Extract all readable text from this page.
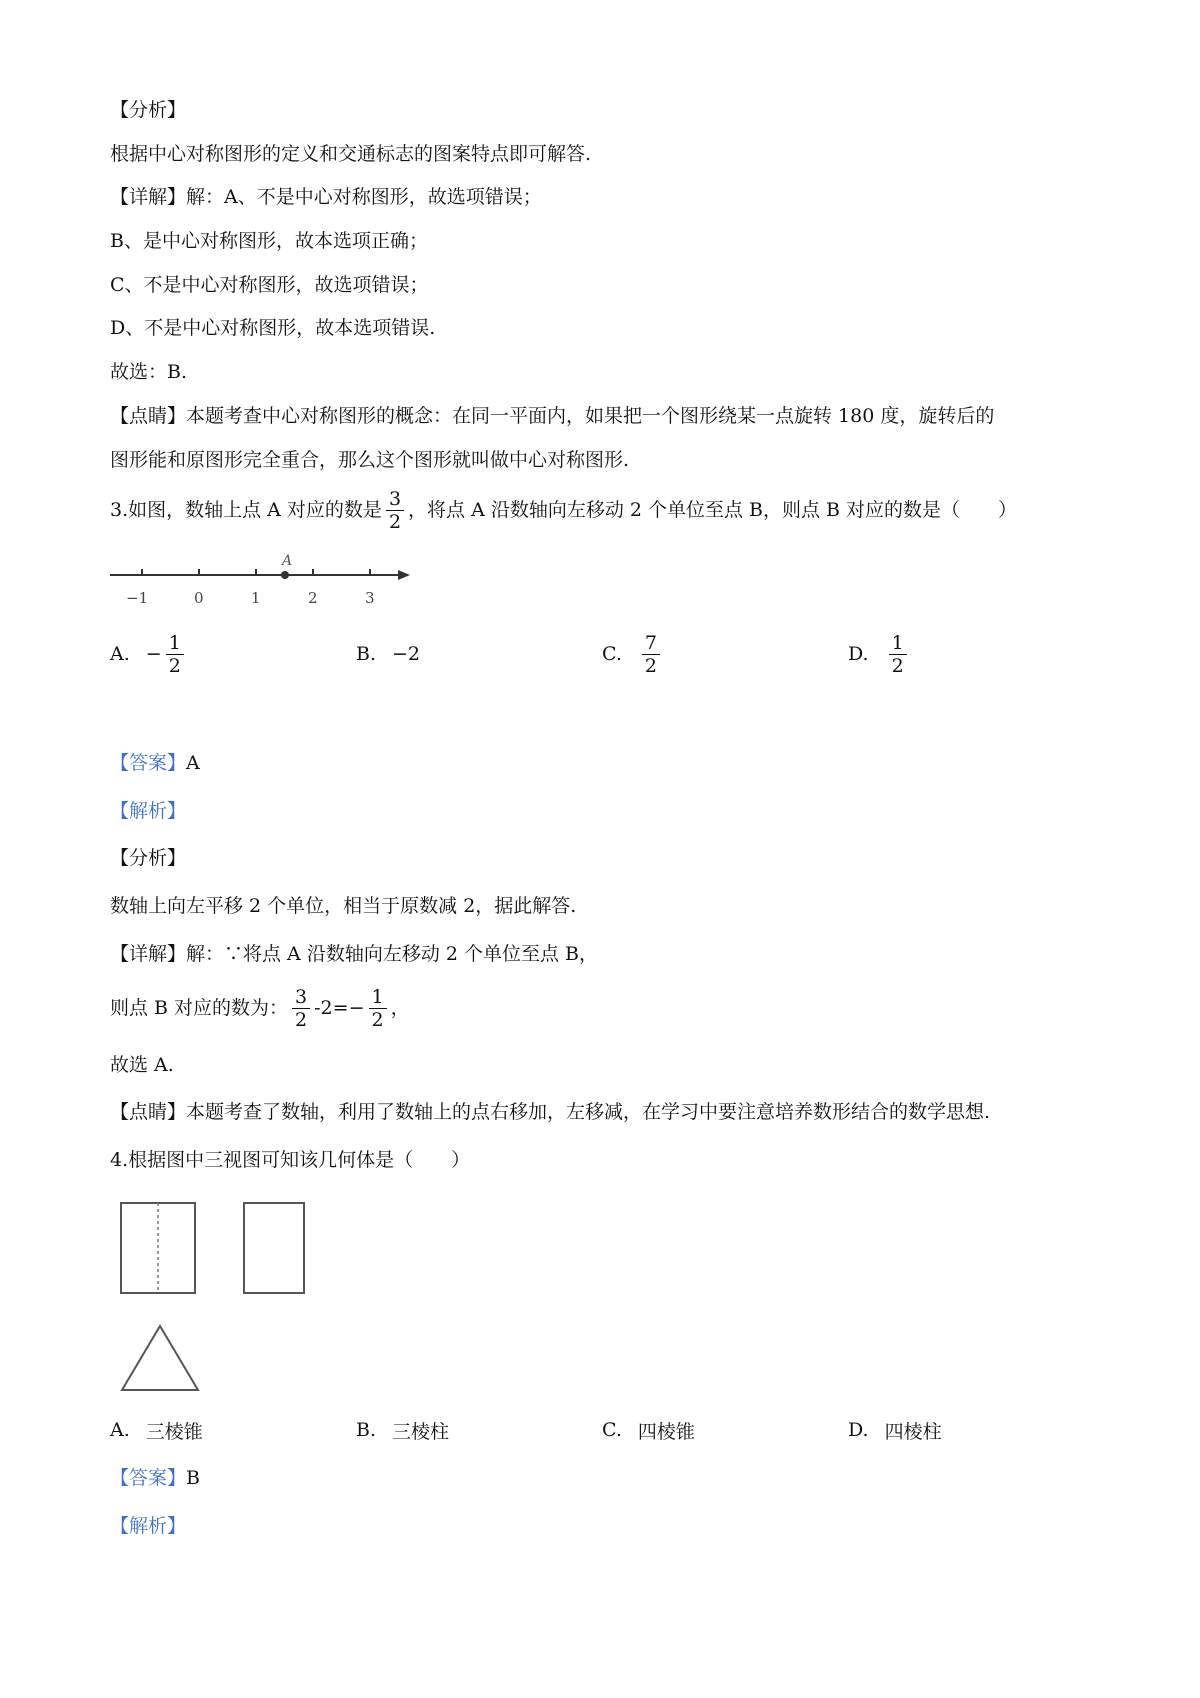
【分析】
根据中心对称图形的定义和交通标志的图案特点即可解答.
【详解】解：A、不是中心对称图形，故选项错误；
B、是中心对称图形，故本选项正确；
C、不是中心对称图形，故选项错误；
D、不是中心对称图形，故本选项错误.
故选：B.
【点睛】本题考查中心对称图形的概念：在同一平面内，如果把一个图形绕某一点旋转 180 度，旋转后的
图形能和原图形完全重合，那么这个图形就叫做中心对称图形.
3.如图，数轴上点 A 对应的数是 $\frac{3}{2}$ ，将点 A 沿数轴向左移动 2 个单位至点 B，则点 B 对应的数是（　　）
A
−1	0	1	2	3
A. − $\frac{1}{2}$	B. −2	C. $\frac{7}{2}$	D. $\frac{1}{2}$
【答案】A
【解析】
【分析】
数轴上向左平移 2 个单位，相当于原数减 2，据此解答.
【详解】解：∵将点 A 沿数轴向左移动 2 个单位至点 B，
则点 B 对应的数为： $\frac{3}{2} -2=- \frac{1}{2}$ ，
故选 A.
【点睛】本题考查了数轴，利用了数轴上的点右移加，左移减，在学习中要注意培养数形结合的数学思想.
4.根据图中三视图可知该几何体是（　　）
A. 三棱锥	B. 三棱柱	C. 四棱锥	D. 四棱柱
【答案】B
【解析】
